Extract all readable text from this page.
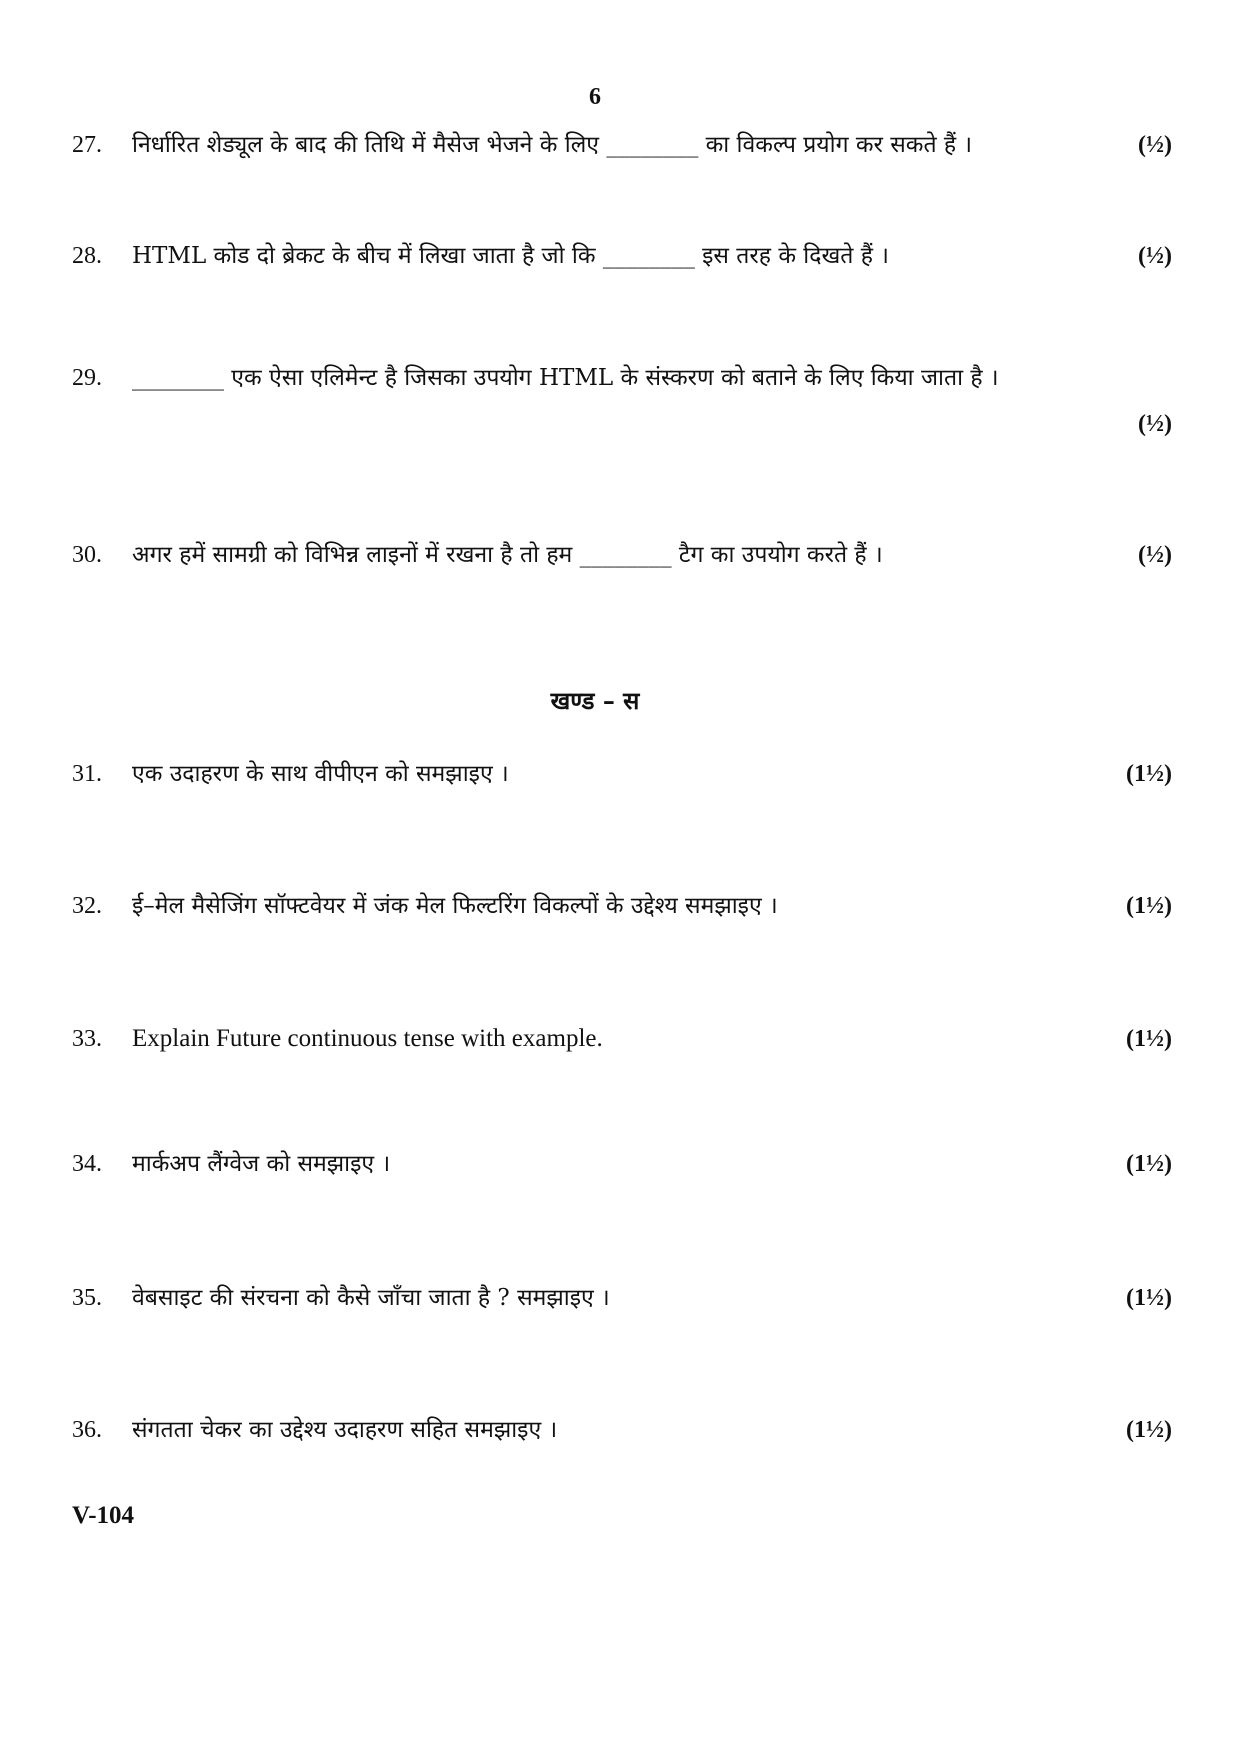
6
27. निर्धारित शेड्यूल के बाद की तिथि में मैसेज भेजने के लिए ________ का विकल्प प्रयोग कर सकते हैं ।	(½)
28. HTML कोड दो ब्रेकट के बीच में लिखा जाता है जो कि ________ इस तरह के दिखते हैं ।	(½)
29. ________ एक ऐसा एलिमेन्ट है जिसका उपयोग HTML के संस्करण को बताने के लिए किया जाता है ।
(½)
30. अगर हमें सामग्री को विभिन्न लाइनों में रखना है तो हम ________ टैग का उपयोग करते हैं ।	(½)
खण्ड – स
31. एक उदाहरण के साथ वीपीएन को समझाइए ।	(1½)
32. ई–मेल मैसेजिंग सॉफ्टवेयर में जंक मेल फिल्टरिंग विकल्पों के उद्देश्य समझाइए ।	(1½)
33. Explain Future continuous tense with example.	(1½)
34. मार्कअप लैंग्वेज को समझाइए ।	(1½)
35. वेबसाइट की संरचना को कैसे जाँचा जाता है ? समझाइए ।	(1½)
36. संगतता चेकर का उद्देश्य उदाहरण सहित समझाइए ।	(1½)
V-104
